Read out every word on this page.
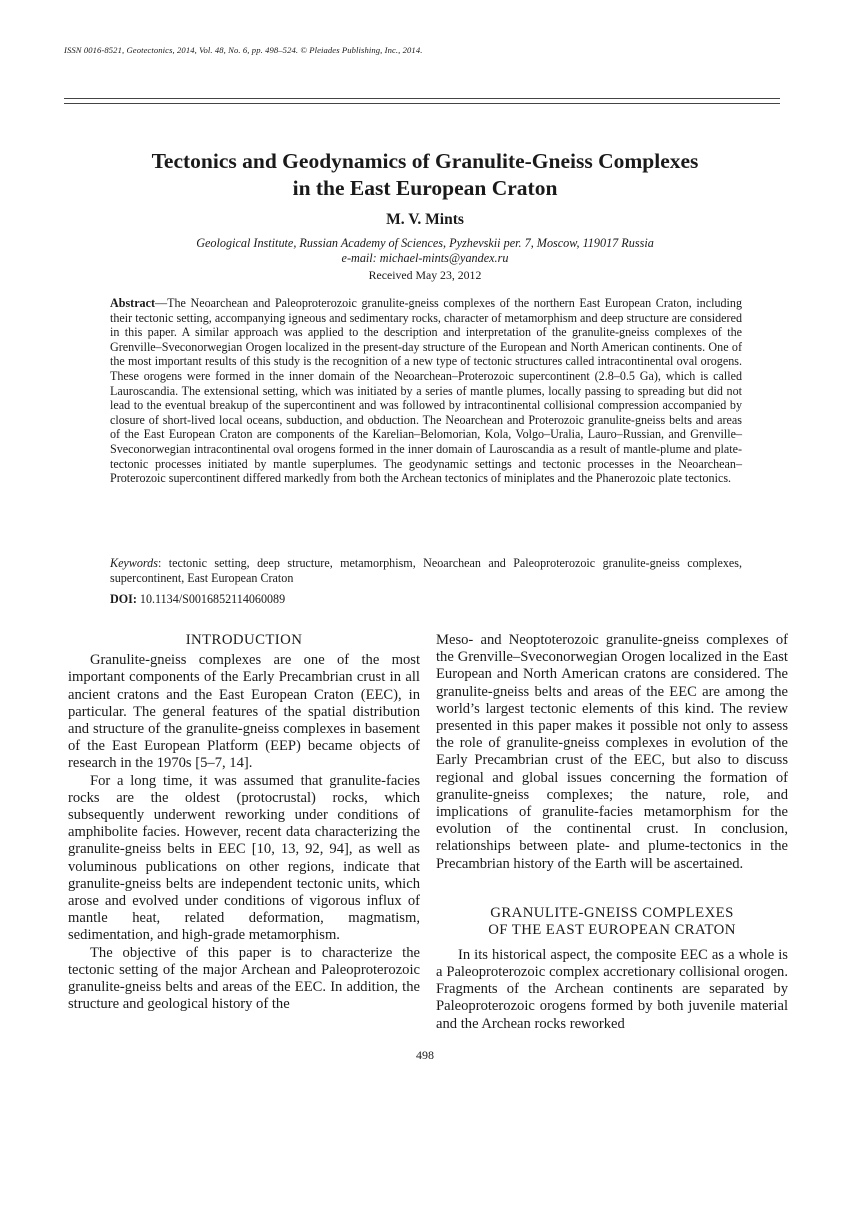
ISSN 0016-8521, Geotectonics, 2014, Vol. 48, No. 6, pp. 498–524. © Pleiades Publishing, Inc., 2014.
Tectonics and Geodynamics of Granulite-Gneiss Complexes
in the East European Craton
M. V. Mints
Geological Institute, Russian Academy of Sciences, Pyzhevskii per. 7, Moscow, 119017 Russia
e-mail: michael-mints@yandex.ru
Received May 23, 2012
Abstract—The Neoarchean and Paleoproterozoic granulite-gneiss complexes of the northern East European Craton, including their tectonic setting, accompanying igneous and sedimentary rocks, character of metamorphism and deep structure are considered in this paper. A similar approach was applied to the description and interpretation of the granulite-gneiss complexes of the Grenville–Sveconorwegian Orogen localized in the present-day structure of the European and North American continents. One of the most important results of this study is the recognition of a new type of tectonic structures called intracontinental oval orogens. These orogens were formed in the inner domain of the Neoarchean–Proterozoic supercontinent (2.8–0.5 Ga), which is called Lauroscandia. The extensional setting, which was initiated by a series of mantle plumes, locally passing to spreading but did not lead to the eventual breakup of the supercontinent and was followed by intracontinental collisional compression accompanied by closure of short-lived local oceans, subduction, and obduction. The Neoarchean and Proterozoic granulite-gneiss belts and areas of the East European Craton are components of the Karelian–Belomorian, Kola, Volgo–Uralia, Lauro–Russian, and Grenville–Sveconorwegian intracontinental oval orogens formed in the inner domain of Lauroscandia as a result of mantle-plume and plate-tectonic processes initiated by mantle superplumes. The geodynamic settings and tectonic processes in the Neoarchean–Proterozoic supercontinent differed markedly from both the Archean tectonics of miniplates and the Phanerozoic plate tectonics.
Keywords: tectonic setting, deep structure, metamorphism, Neoarchean and Paleoproterozoic granulite-gneiss complexes, supercontinent, East European Craton
DOI: 10.1134/S0016852114060089
INTRODUCTION

Granulite-gneiss complexes are one of the most important components of the Early Precambrian crust in all ancient cratons and the East European Craton (EEC), in particular. The general features of the spatial distribution and structure of the granulite-gneiss complexes in basement of the East European Platform (EEP) became objects of research in the 1970s [5–7, 14].

For a long time, it was assumed that granulite-facies rocks are the oldest (protocrustal) rocks, which subsequently underwent reworking under conditions of amphibolite facies. However, recent data characterizing the granulite-gneiss belts in EEC [10, 13, 92, 94], as well as voluminous publications on other regions, indicate that granulite-gneiss belts are independent tectonic units, which arose and evolved under conditions of vigorous influx of mantle heat, related deformation, magmatism, sedimentation, and high-grade metamorphism.

The objective of this paper is to characterize the tectonic setting of the major Archean and Paleoproterozoic granulite-gneiss belts and areas of the EEC. In addition, the structure and geological history of the

Meso- and Neoptoterozoic granulite-gneiss complexes of the Grenville–Sveconorwegian Orogen localized in the East European and North American cratons are considered. The granulite-gneiss belts and areas of the EEC are among the world’s largest tectonic elements of this kind. The review presented in this paper makes it possible not only to assess the role of granulite-gneiss complexes in evolution of the Early Precambrian crust of the EEC, but also to discuss regional and global issues concerning the formation of granulite-gneiss complexes; the nature, role, and implications of granulite-facies metamorphism for the evolution of the continental crust. In conclusion, relationships between plate- and plume-tectonics in the Precambrian history of the Earth will be ascertained.

GRANULITE-GNEISS COMPLEXES
OF THE EAST EUROPEAN CRATON

In its historical aspect, the composite EEC as a whole is a Paleoproterozoic complex accretionary collisional orogen. Fragments of the Archean continents are separated by Paleoproterozoic orogens formed by both juvenile material and the Archean rocks reworked

498
